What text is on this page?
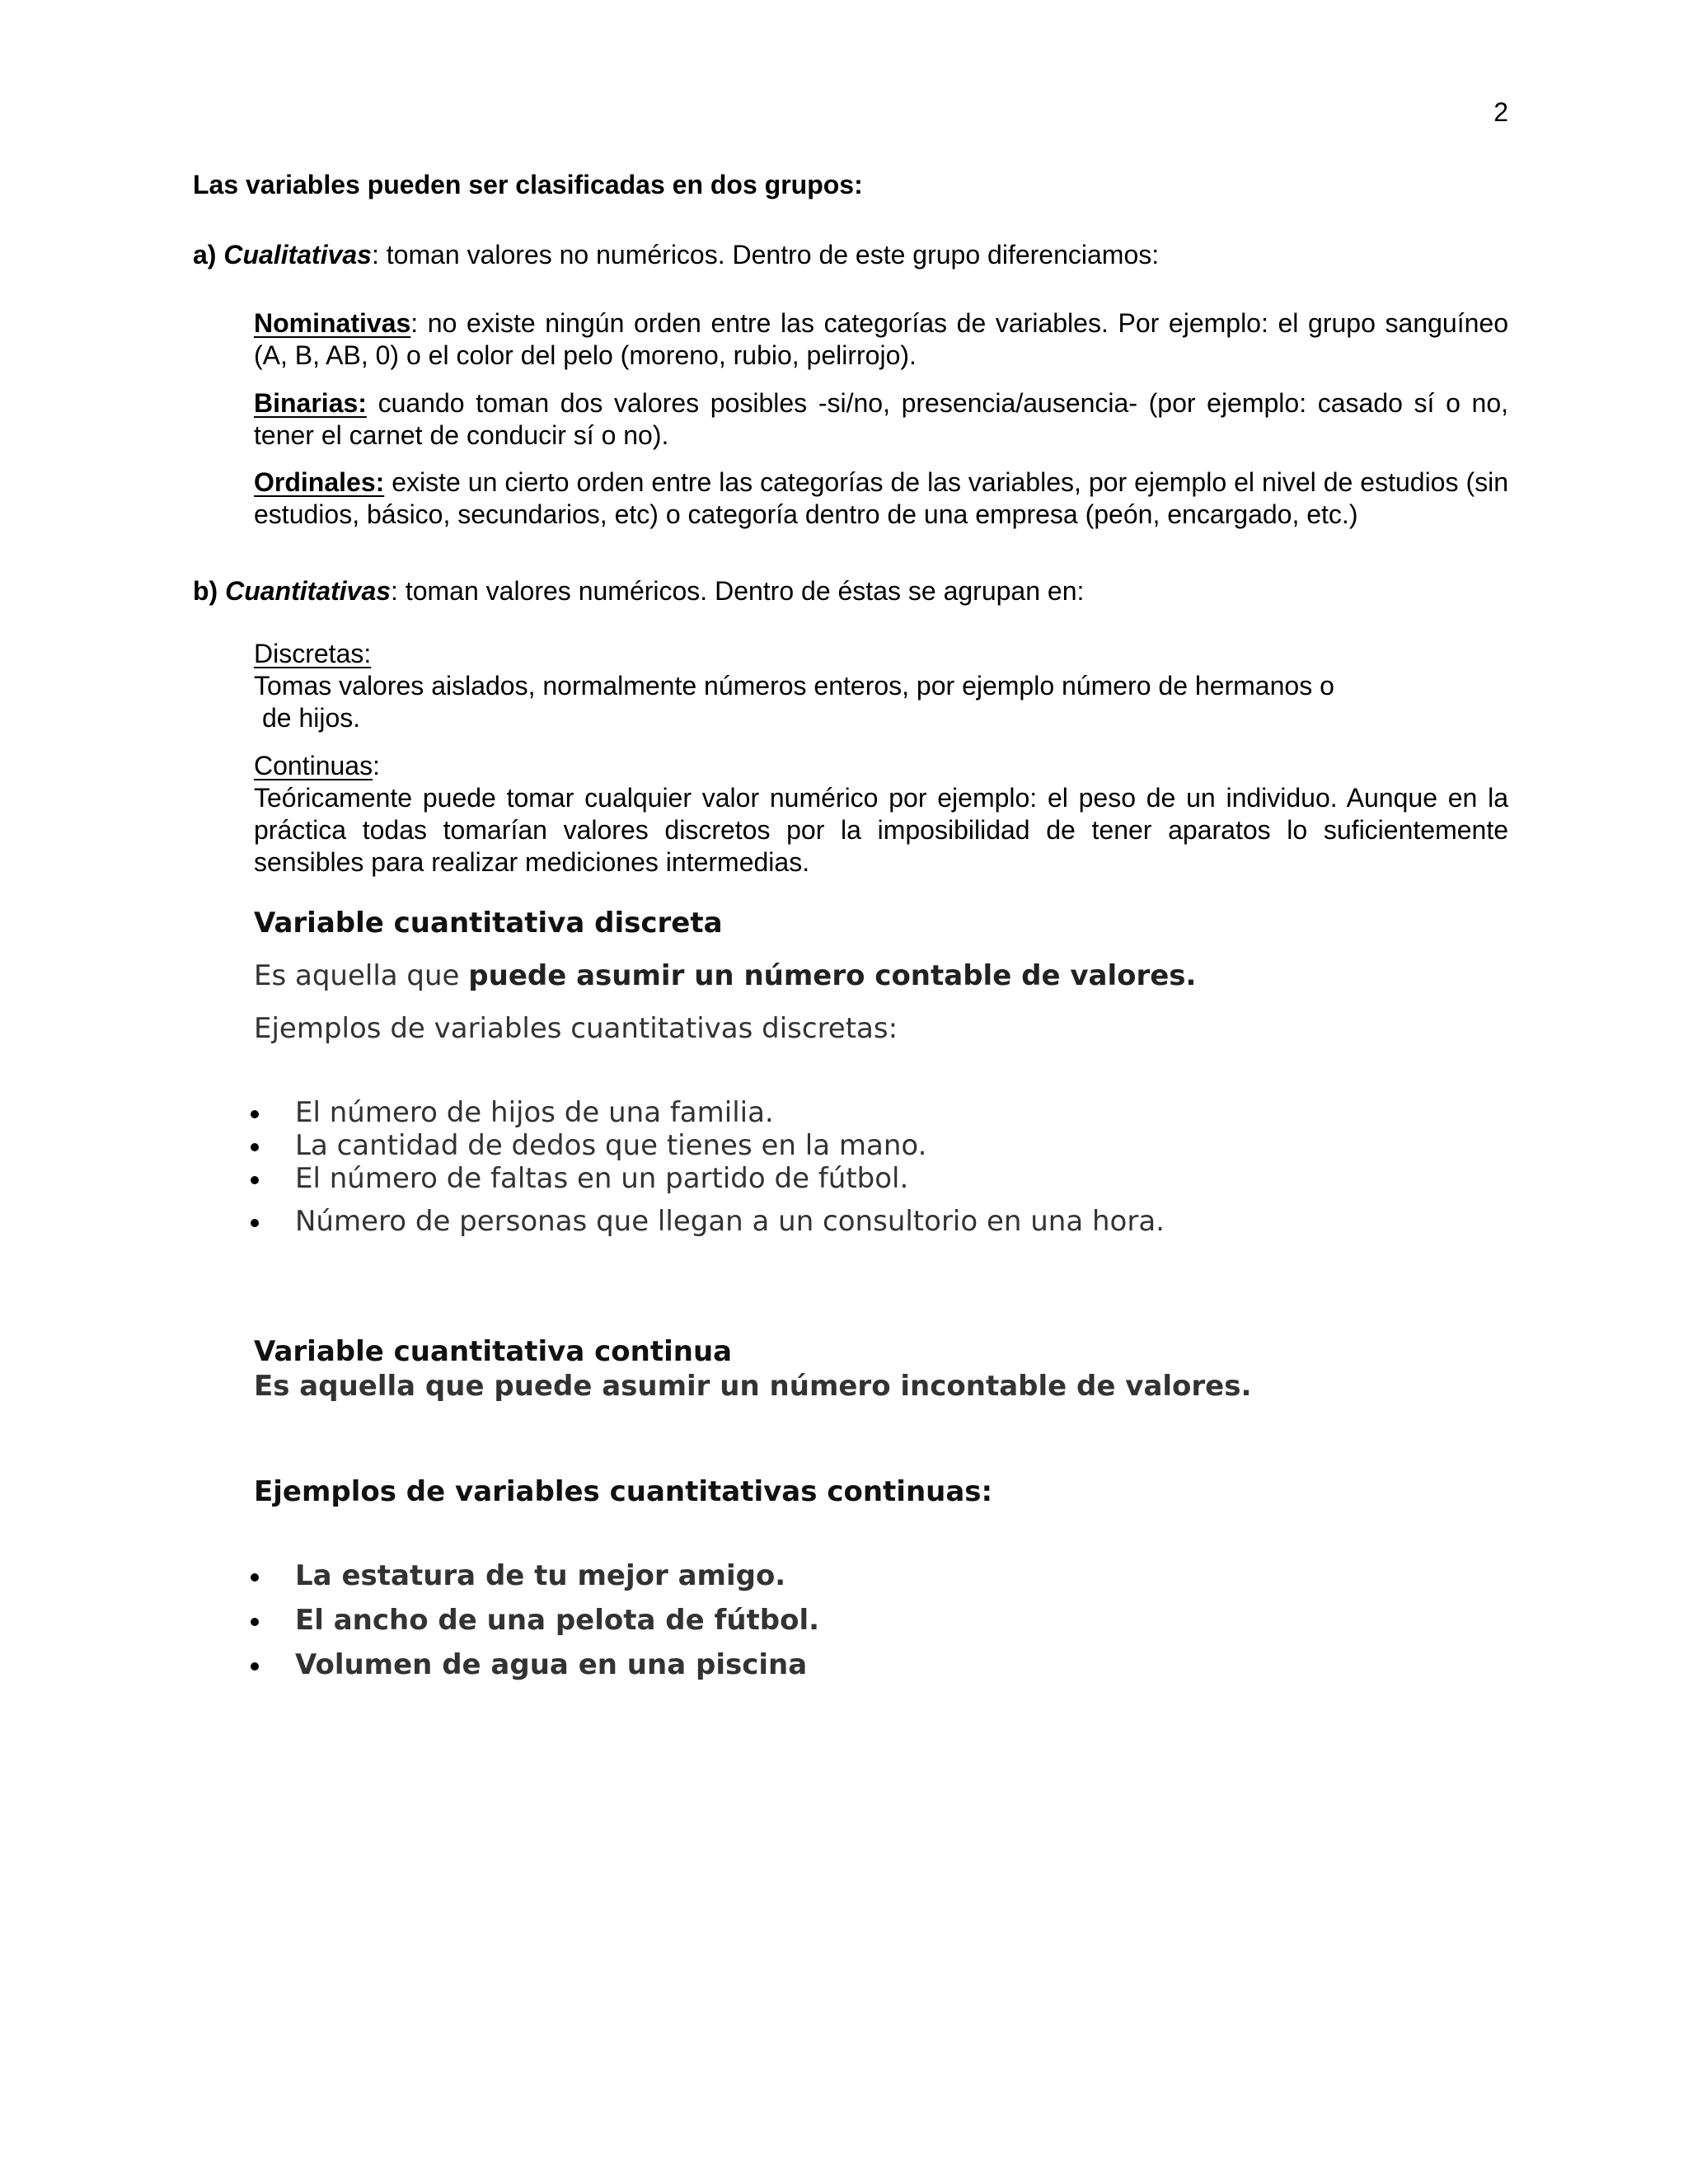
2
Las variables pueden ser clasificadas en dos grupos:
a) Cualitativas: toman valores no numéricos. Dentro de este grupo diferenciamos:
Nominativas: no existe ningún orden entre las categorías de variables. Por ejemplo: el grupo sanguíneo (A, B, AB, 0) o el color del pelo (moreno, rubio, pelirrojo).
Binarias: cuando toman dos valores posibles -si/no, presencia/ausencia- (por ejemplo: casado sí o no, tener el carnet de conducir sí o no).
Ordinales: existe un cierto orden entre las categorías de las variables, por ejemplo el nivel de estudios (sin estudios, básico, secundarios, etc) o categoría dentro de una empresa (peón, encargado, etc.)
b) Cuantitativas: toman valores numéricos. Dentro de éstas se agrupan en:
Discretas:
Tomas valores aislados, normalmente números enteros, por ejemplo número de hermanos o
de hijos.
Continuas:
Teóricamente puede tomar cualquier valor numérico por ejemplo: el peso de un individuo. Aunque en la práctica todas tomarían valores discretos por la imposibilidad de tener aparatos lo suficientemente sensibles para realizar mediciones intermedias.
Variable cuantitativa discreta
Es aquella que puede asumir un número contable de valores.
Ejemplos de variables cuantitativas discretas:
El número de hijos de una familia.
La cantidad de dedos que tienes en la mano.
El número de faltas en un partido de fútbol.
Número de personas que llegan a un consultorio en una hora.
Variable cuantitativa continua
Es aquella que puede asumir un número incontable de valores.
Ejemplos de variables cuantitativas continuas:
La estatura de tu mejor amigo.
El ancho de una pelota de fútbol.
Volumen de agua en una piscina
